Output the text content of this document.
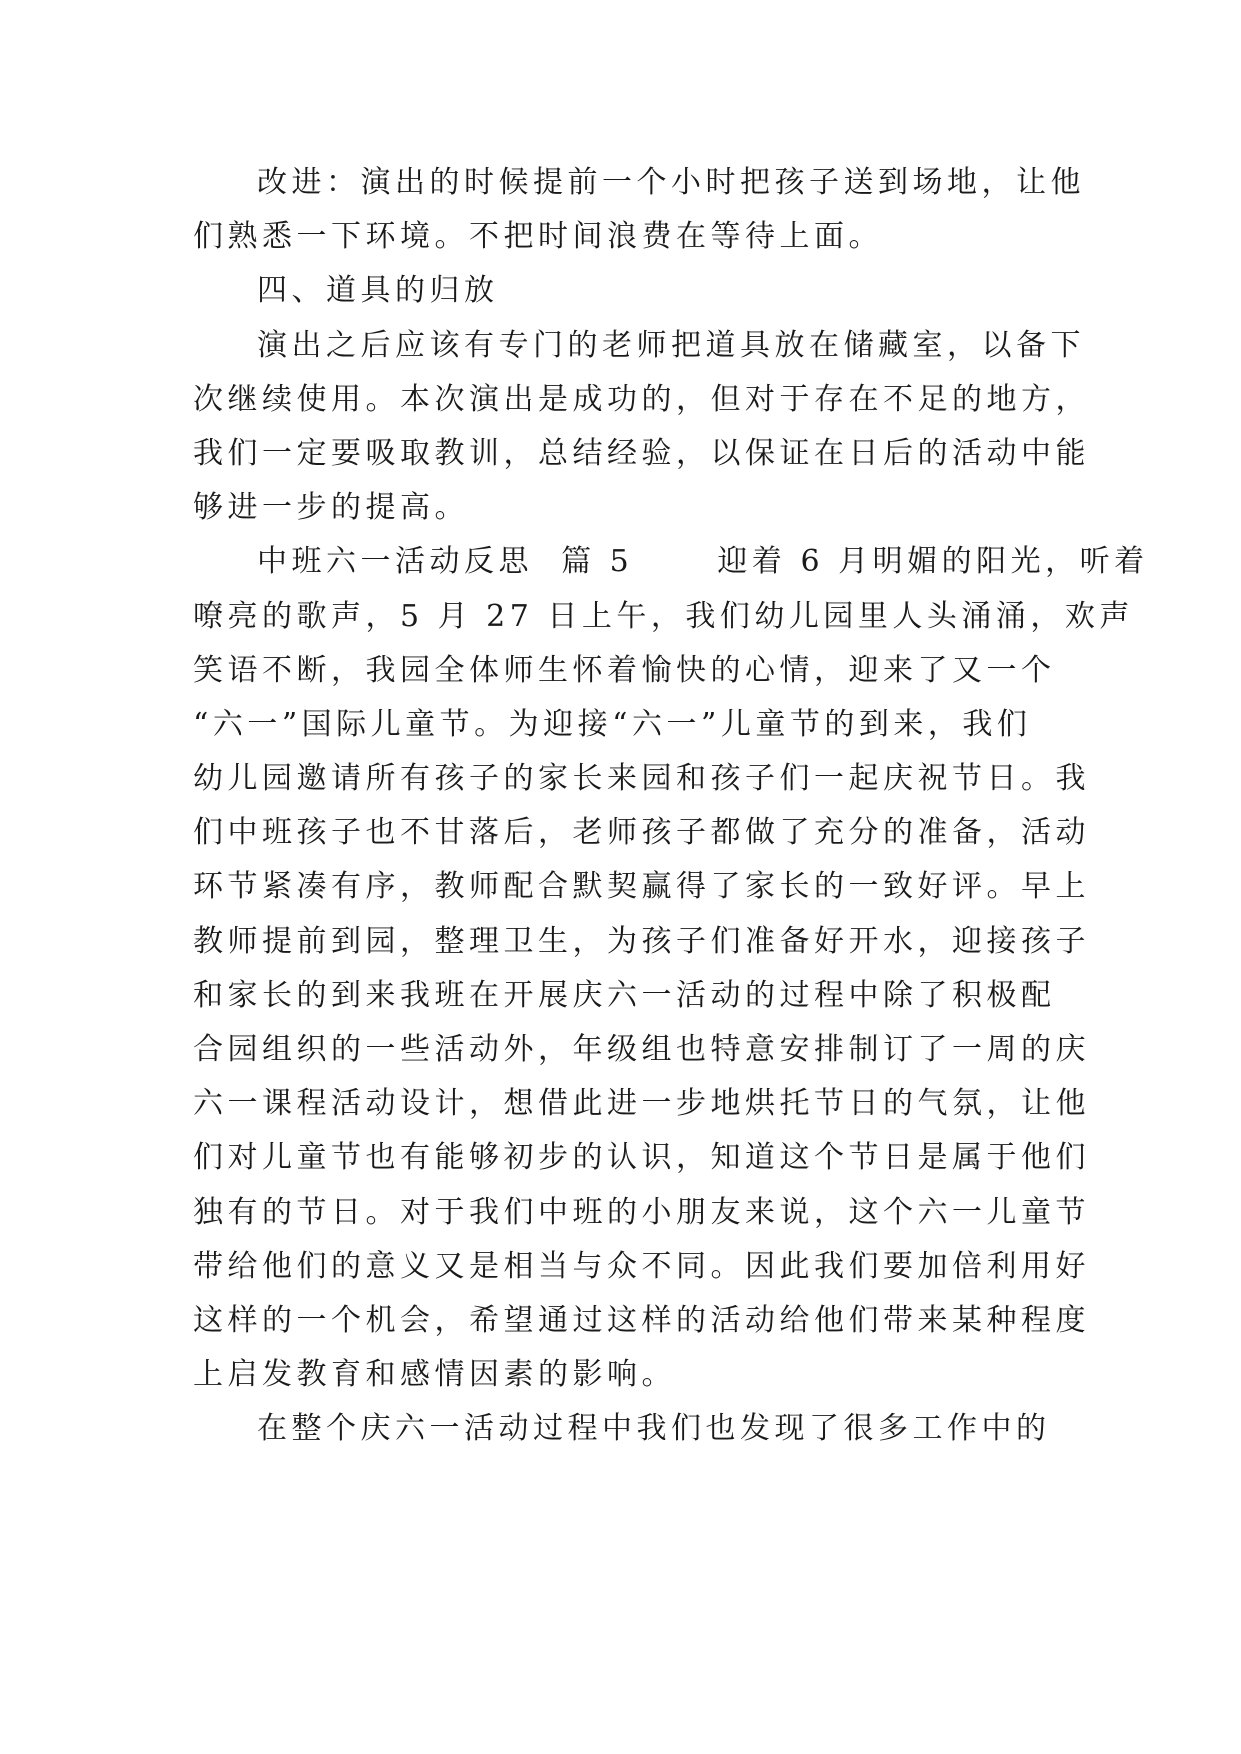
改进：演出的时候提前一个小时把孩子送到场地，让他
们熟悉一下环境。不把时间浪费在等待上面。
四、道具的归放
演出之后应该有专门的老师把道具放在储藏室，以备下
次继续使用。本次演出是成功的，但对于存在不足的地方，
我们一定要吸取教训，总结经验，以保证在日后的活动中能
够进一步的提高。
中班六一活动反思  篇 5      迎着 6 月明媚的阳光，听着
嘹亮的歌声，5 月 27 日上午，我们幼儿园里人头涌涌，欢声
笑语不断，我园全体师生怀着愉快的心情，迎来了又一个
“六一”国际儿童节。为迎接“六一”儿童节的到来，我们
幼儿园邀请所有孩子的家长来园和孩子们一起庆祝节日。我
们中班孩子也不甘落后，老师孩子都做了充分的准备，活动
环节紧凑有序，教师配合默契赢得了家长的一致好评。早上
教师提前到园，整理卫生，为孩子们准备好开水，迎接孩子
和家长的到来我班在开展庆六一活动的过程中除了积极配
合园组织的一些活动外，年级组也特意安排制订了一周的庆
六一课程活动设计，想借此进一步地烘托节日的气氛，让他
们对儿童节也有能够初步的认识，知道这个节日是属于他们
独有的节日。对于我们中班的小朋友来说，这个六一儿童节
带给他们的意义又是相当与众不同。因此我们要加倍利用好
这样的一个机会，希望通过这样的活动给他们带来某种程度
上启发教育和感情因素的影响。
在整个庆六一活动过程中我们也发现了很多工作中的
